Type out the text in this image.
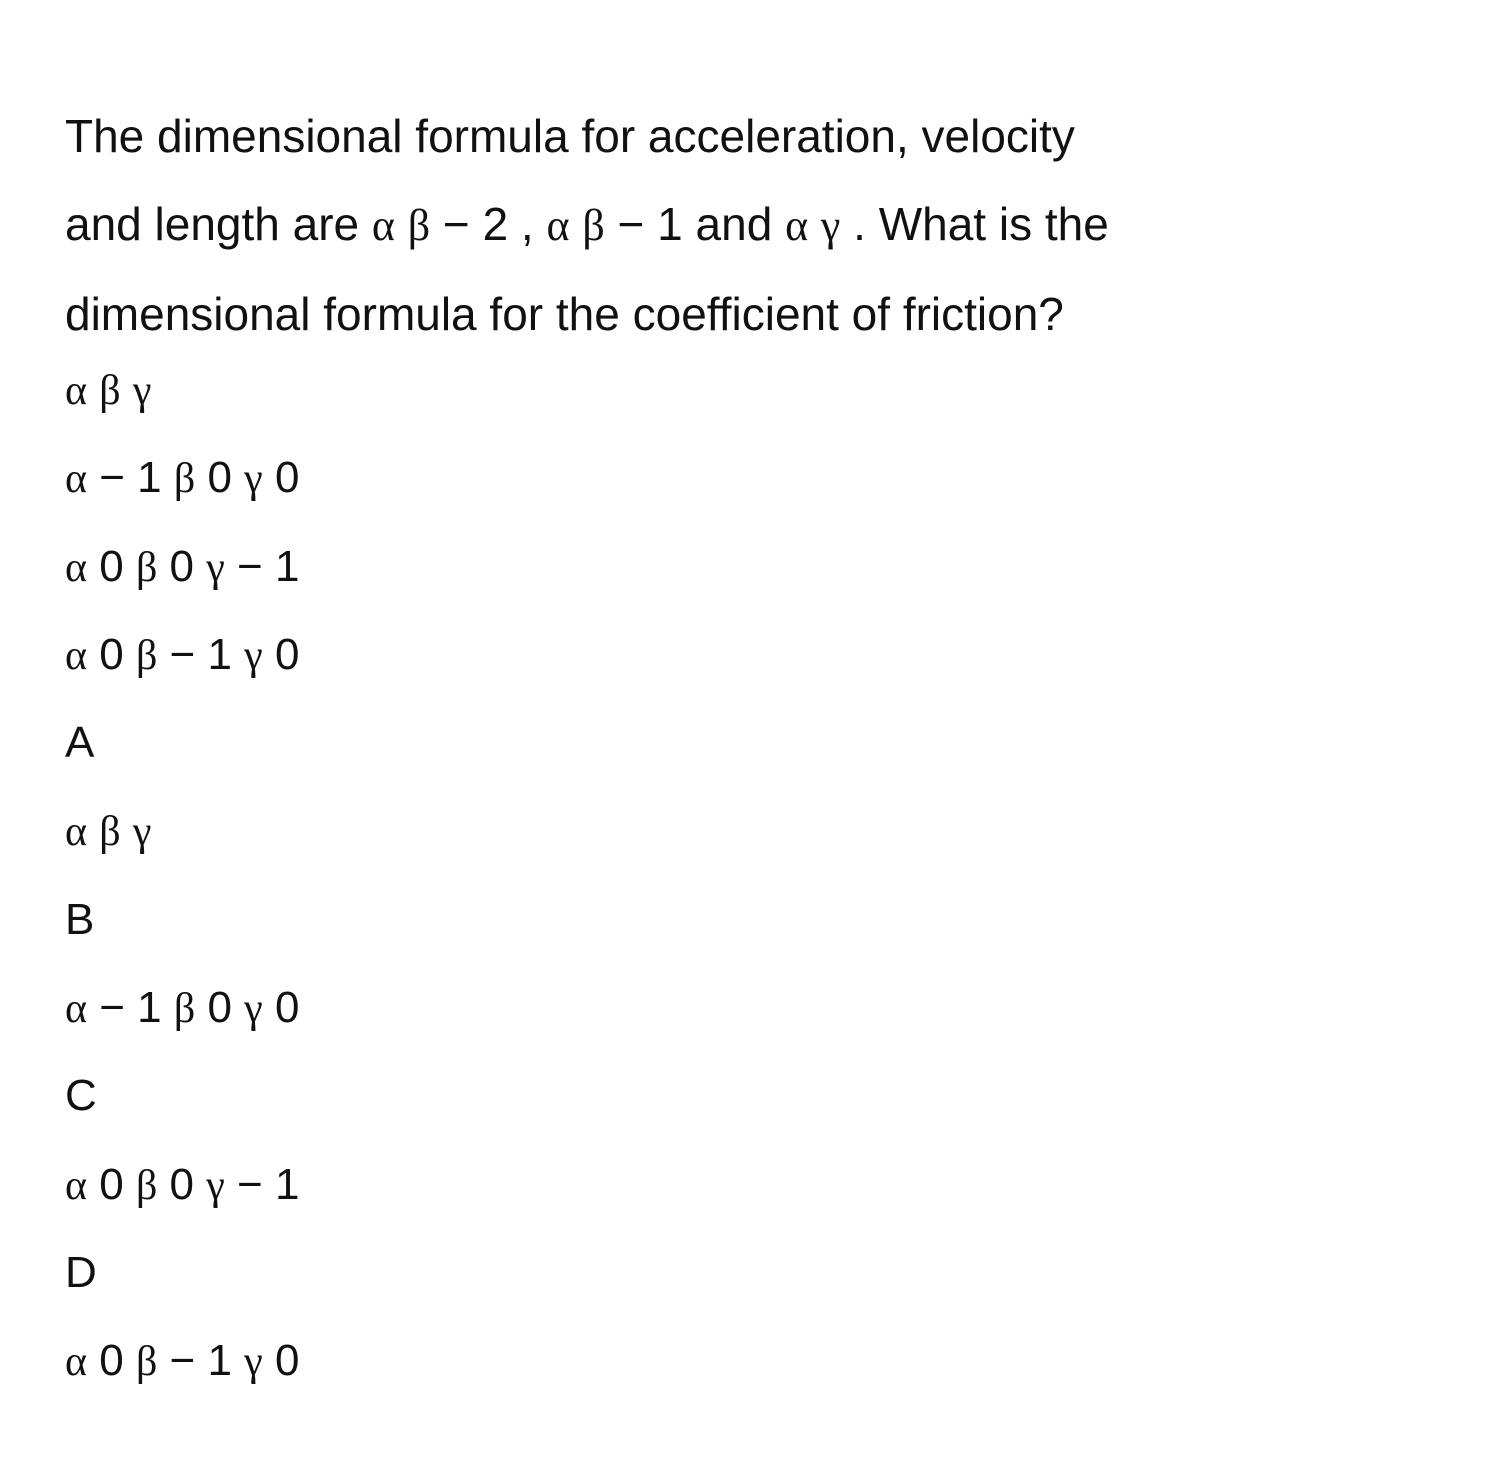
The dimensional formula for acceleration, velocity
and length are α β − 2 , α β − 1 and α γ . What is the
dimensional formula for the coefficient of friction?
α β γ
α − 1 β 0 γ 0
α 0 β 0 γ − 1
α 0 β − 1 γ 0
A
α β γ
B
α − 1 β 0 γ 0
C
α 0 β 0 γ − 1
D
α 0 β − 1 γ 0
